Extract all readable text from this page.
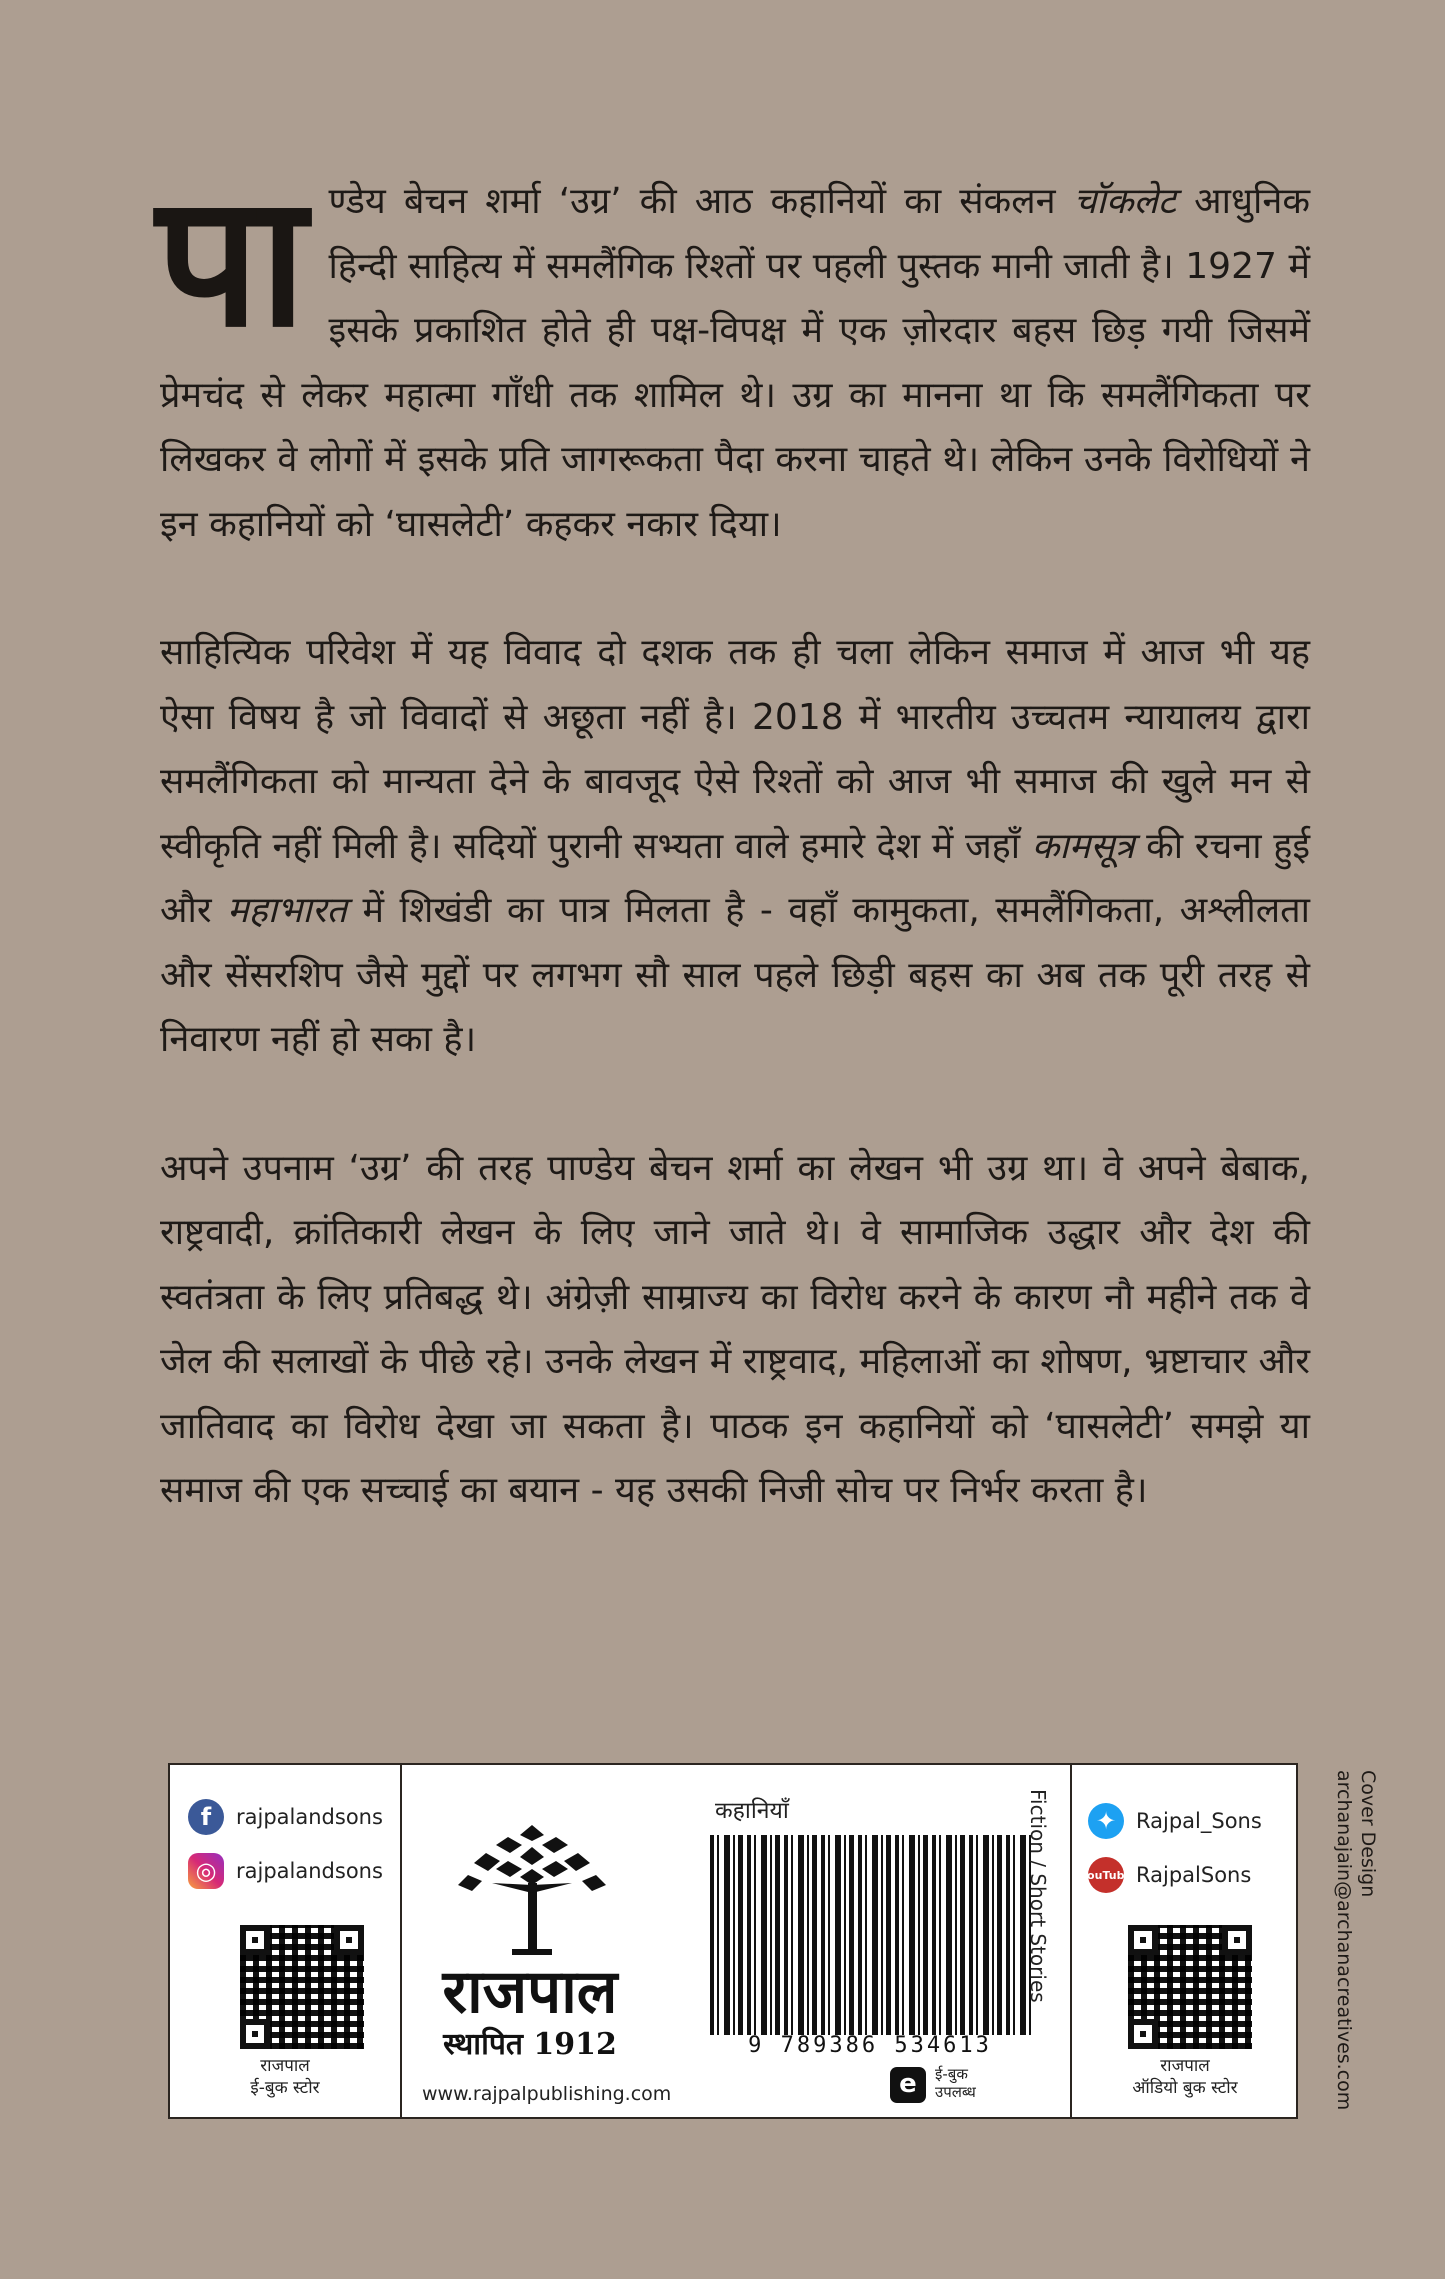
पाण्डेय बेचन शर्मा ‘उग्र’ की आठ कहानियों का संकलन चॉकलेट आधुनिक हिन्दी साहित्य में समलैंगिक रिश्तों पर पहली पुस्तक मानी जाती है। 1927 में इसके प्रकाशित होते ही पक्ष-विपक्ष में एक ज़ोरदार बहस छिड़ गयी जिसमें प्रेमचंद से लेकर महात्मा गाँधी तक शामिल थे। उग्र का मानना था कि समलैंगिकता पर लिखकर वे लोगों में इसके प्रति जागरूकता पैदा करना चाहते थे। लेकिन उनके विरोधियों ने इन कहानियों को ‘घासलेटी’ कहकर नकार दिया।

साहित्यिक परिवेश में यह विवाद दो दशक तक ही चला लेकिन समाज में आज भी यह ऐसा विषय है जो विवादों से अछूता नहीं है। 2018 में भारतीय उच्चतम न्यायालय द्वारा समलैंगिकता को मान्यता देने के बावजूद ऐसे रिश्तों को आज भी समाज की खुले मन से स्वीकृति नहीं मिली है। सदियों पुरानी सभ्यता वाले हमारे देश में जहाँ कामसूत्र की रचना हुई और महाभारत में शिखंडी का पात्र मिलता है - वहाँ कामुकता, समलैंगिकता, अश्लीलता और सेंसरशिप जैसे मुद्दों पर लगभग सौ साल पहले छिड़ी बहस का अब तक पूरी तरह से निवारण नहीं हो सका है।

अपने उपनाम ‘उग्र’ की तरह पाण्डेय बेचन शर्मा का लेखन भी उग्र था। वे अपने बेबाक, राष्ट्रवादी, क्रांतिकारी लेखन के लिए जाने जाते थे। वे सामाजिक उद्धार और देश की स्वतंत्रता के लिए प्रतिबद्ध थे। अंग्रेज़ी साम्राज्य का विरोध करने के कारण नौ महीने तक वे जेल की सलाखों के पीछे रहे। उनके लेखन में राष्ट्रवाद, महिलाओं का शोषण, भ्रष्टाचार और जातिवाद का विरोध देखा जा सकता है। पाठक इन कहानियों को ‘घासलेटी’ समझे या समाज की एक सच्चाई का बयान - यह उसकी निजी सोच पर निर्भर करता है।

f	rajpalandsons
◎ rajpalandsons
राजपाल
ई-बुक स्टोर
राजपाल
स्थापित 1912
www.rajpalpublishing.com
कहानियाँ
9 789386 534613
e	ई-बुक
उपलब्ध
Fiction / Short Stories	✦ Rajpal_Sons
You Tube RajpalSons
राजपाल
ऑडियो बुक स्टोर
Cover Design
archanajain@archanacreatives.com
